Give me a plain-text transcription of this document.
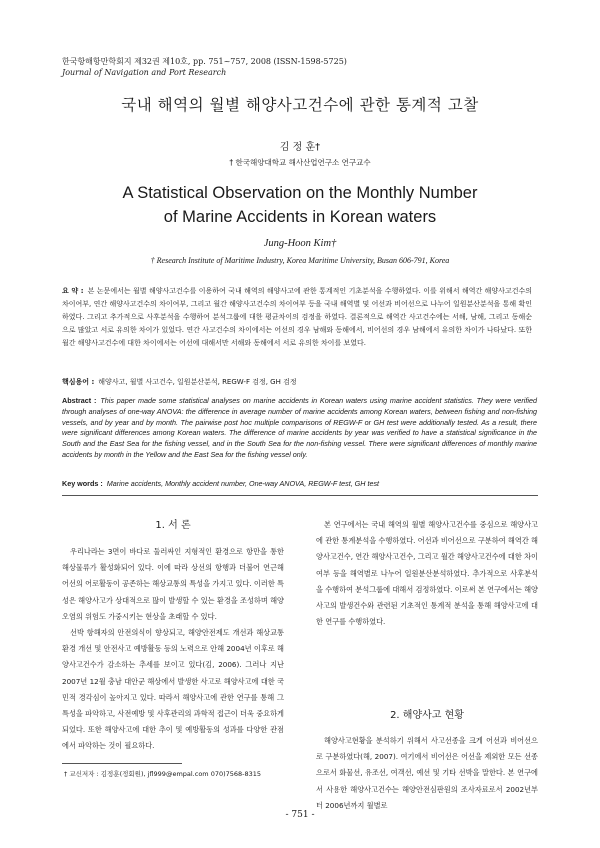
한국항해항만학회지 제32권 제10호, pp. 751~757, 2008 (ISSN-1598-5725)
Journal of Navigation and Port Research
국내 해역의 월별 해양사고건수에 관한 통계적 고찰
김 정 훈†
† 한국해양대학교 해사산업연구소 연구교수
A Statistical Observation on the Monthly Number
of Marine Accidents in Korean waters
Jung-Hoon Kim†
† Research Institute of Maritime Industry, Korea Maritime University, Busan 606-791, Korea
요 약 : 본 논문에서는 월별 해양사고건수를 이용하여 국내 해역의 해양사고에 관한 통계적인 기초분석을 수행하였다. 이를 위해서 해역간 해양사고건수의 차이여부, 연간 해양사고건수의 차이여부, 그리고 월간 해양사고건수의 차이여부 등을 국내 해역별 및 어선과 비어선으로 나누어 일원분산분석을 통해 확인하였다. 그리고 추가적으로 사후분석을 수행하여 분석그룹에 대한 평균차이의 검정을 하였다. 결론적으로 해역간 사고건수에는 서해, 남해, 그리고 동해순으로 많았고 서로 유의한 차이가 있었다. 연간 사고건수의 차이에서는 어선의 경우 남해와 동해에서, 비어선의 경우 남해에서 유의한 차이가 나타났다. 또한 월간 해양사고건수에 대한 차이에서는 어선에 대해서만 서해와 동해에서 서로 유의한 차이를 보였다.
핵심용어 : 해양사고, 월별 사고건수, 일원분산분석, REGW-F 검정, GH 검정
Abstract : This paper made some statistical analyses on marine accidents in Korean waters using marine accident statistics. They were verified through analyses of one-way ANOVA: the difference in average number of marine accidents among Korean waters, between fishing and non-fishing vessels, and by year and by month. The pairwise post hoc multiple comparisons of REGW-F or GH test were additionally tested. As a result, there were significant differences among Korean waters. The difference of marine accidents by year was verified to have a statistical significance in the South and the East Sea for the fishing vessel, and in the South Sea for the non-fishing vessel. There were significant differences of monthly marine accidents by month in the Yellow and the East Sea for the fishing vessel only.
Key words : Marine accidents, Monthly accident number, One-way ANOVA, REGW-F test, GH test
1. 서 론

우리나라는 3면이 바다로 둘러싸인 지형적인 환경으로 항만을 통한 해상물류가 활성화되어 있다. 이에 따라 상선의 항행과 더불어 연근해 어선의 어로활동이 공존하는 해상교통의 특성을 가지고 있다. 이러한 특성은 해양사고가 상대적으로 많이 발생할 수 있는 환경을 조성하며 해양오염의 위험도 가중시키는 현상을 초래할 수 있다.

선박 항해자의 안전의식이 향상되고, 해양안전제도 개선과 해상교통 환경 개선 및 안전사고 예방활동 등의 노력으로 안해 2004년 이후로 해양사고건수가 감소하는 추세를 보이고 있다(김, 2006). 그러나 지난 2007년 12월 충남 대안군 해상에서 발생한 사고로 해양사고에 대한 국민적 경각심이 높아지고 있다. 따라서 해양사고에 관한 연구를 통해 그 특성을 파악하고, 사전예방 및 사후관리의 과학적 접근이 더욱 중요하게 되었다. 또한 해양사고에 대한 추이 및 예방활동의 성과를 다양한 관점에서 파악하는 것이 필요하다.

본 연구에서는 국내 해역의 월별 해양사고건수를 중심으로 해양사고에 관한 통계분석을 수행하였다. 어선과 비어선으로 구분하여 해역간 해양사고건수, 연간 해양사고건수, 그리고 월간 해양사고건수에 대한 차이여부 등을 해역별로 나누어 일원분산분석하였다. 추가적으로 사후분석을 수행하여 분석그룹에 대해서 검정하였다. 이로써 본 연구에서는 해양사고의 발생건수와 관련된 기초적인 통계적 분석을 통해 해양사고에 대한 연구를 수행하였다.

2. 해양사고 현황

해양사고현황을 분석하기 위해서 사고선종을 크게 어선과 비어선으로 구분하였다(해, 2007). 여기에서 비어선은 어선을 제외한 모든 선종으로서 화물선, 유조선, 여객선, 예선 및 기타 선박을 말한다. 본 연구에서 사용한 해양사고건수는 해양안전심판원의 조사자료로서 2002년부터 2006년까지 월별로

† 교신저자 : 김정훈(정회원), jfl999@empal.com 070)7568-8315
- 751 -
